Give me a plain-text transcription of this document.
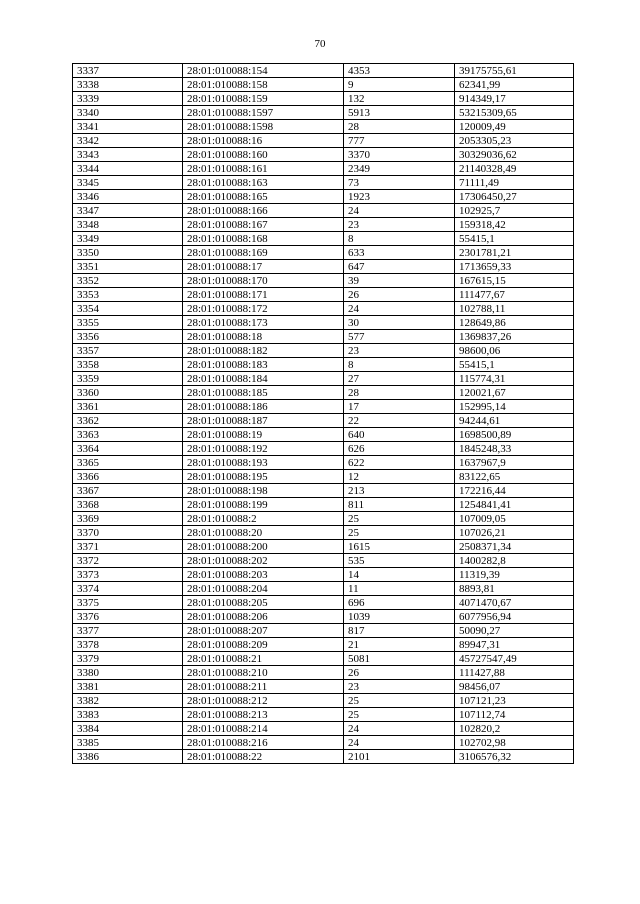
70
3337	28:01:010088:154	4353	39175755,61
3338	28:01:010088:158	9	62341,99
3339	28:01:010088:159	132	914349,17
3340	28:01:010088:1597	5913	53215309,65
3341	28:01:010088:1598	28	120009,49
3342	28:01:010088:16	777	2053305,23
3343	28:01:010088:160	3370	30329036,62
3344	28:01:010088:161	2349	21140328,49
3345	28:01:010088:163	73	71111,49
3346	28:01:010088:165	1923	17306450,27
3347	28:01:010088:166	24	102925,7
3348	28:01:010088:167	23	159318,42
3349	28:01:010088:168	8	55415,1
3350	28:01:010088:169	633	2301781,21
3351	28:01:010088:17	647	1713659,33
3352	28:01:010088:170	39	167615,15
3353	28:01:010088:171	26	111477,67
3354	28:01:010088:172	24	102788,11
3355	28:01:010088:173	30	128649,86
3356	28:01:010088:18	577	1369837,26
3357	28:01:010088:182	23	98600,06
3358	28:01:010088:183	8	55415,1
3359	28:01:010088:184	27	115774,31
3360	28:01:010088:185	28	120021,67
3361	28:01:010088:186	17	152995,14
3362	28:01:010088:187	22	94244,61
3363	28:01:010088:19	640	1698500,89
3364	28:01:010088:192	626	1845248,33
3365	28:01:010088:193	622	1637967,9
3366	28:01:010088:195	12	83122,65
3367	28:01:010088:198	213	172216,44
3368	28:01:010088:199	811	1254841,41
3369	28:01:010088:2	25	107009,05
3370	28:01:010088:20	25	107026,21
3371	28:01:010088:200	1615	2508371,34
3372	28:01:010088:202	535	1400282,8
3373	28:01:010088:203	14	11319,39
3374	28:01:010088:204	11	8893,81
3375	28:01:010088:205	696	4071470,67
3376	28:01:010088:206	1039	6077956,94
3377	28:01:010088:207	817	50090,27
3378	28:01:010088:209	21	89947,31
3379	28:01:010088:21	5081	45727547,49
3380	28:01:010088:210	26	111427,88
3381	28:01:010088:211	23	98456,07
3382	28:01:010088:212	25	107121,23
3383	28:01:010088:213	25	107112,74
3384	28:01:010088:214	24	102820,2
3385	28:01:010088:216	24	102702,98
3386	28:01:010088:22	2101	3106576,32
